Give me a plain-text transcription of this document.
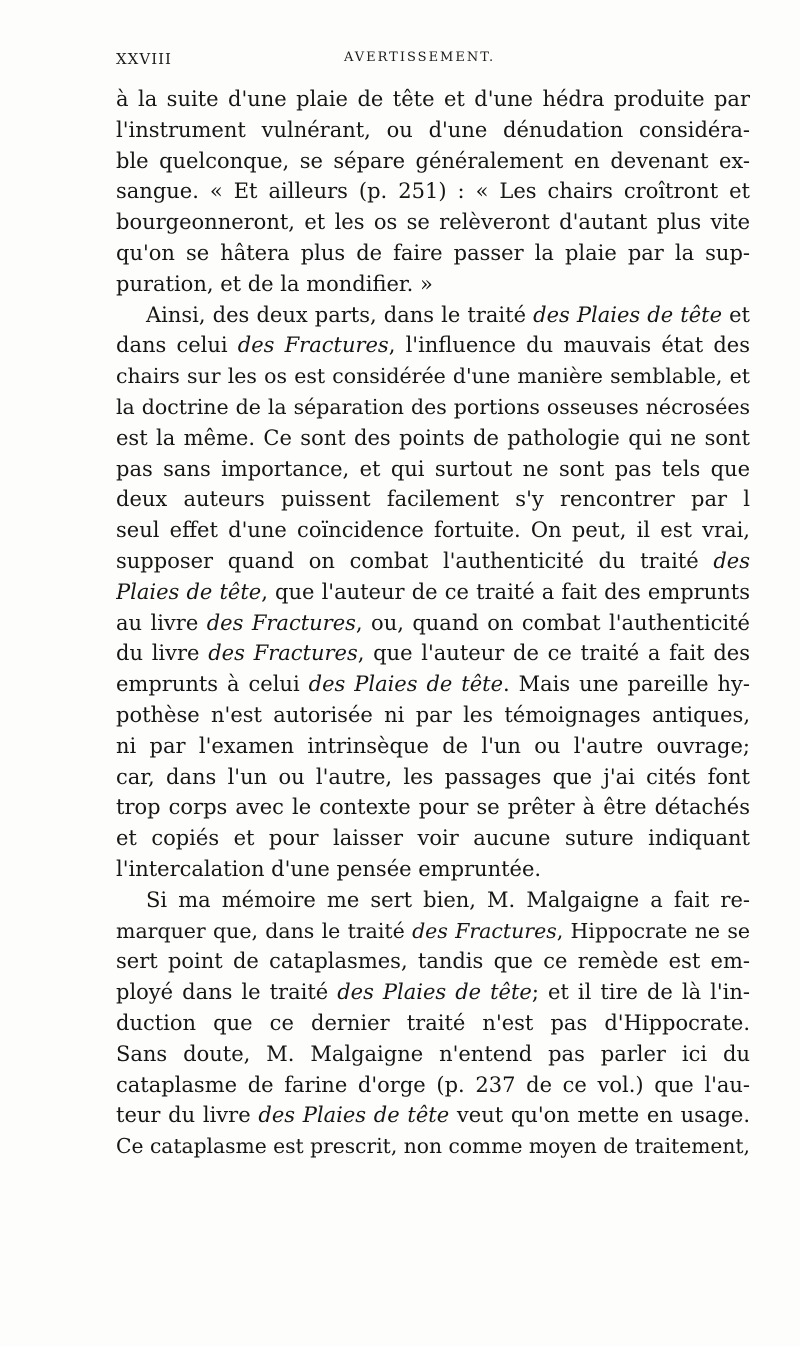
XXVIII	AVERTISSEMENT.
à la suite d'une plaie de tête et d'une hédra produite par
l'instrument vulnérant, ou d'une dénudation considéra-
ble quelconque, se sépare généralement en devenant ex-
sangue. « Et ailleurs (p. 251) : « Les chairs croîtront et
bourgeonneront, et les os se relèveront d'autant plus vite
qu'on se hâtera plus de faire passer la plaie par la sup-
puration, et de la mondifier. »
Ainsi, des deux parts, dans le traité des Plaies de tête et
dans celui des Fractures, l'influence du mauvais état des
chairs sur les os est considérée d'une manière semblable, et
la doctrine de la séparation des portions osseuses nécrosées
est la même. Ce sont des points de pathologie qui ne sont
pas sans importance, et qui surtout ne sont pas tels que
deux auteurs puissent facilement s'y rencontrer par l
seul effet d'une coïncidence fortuite. On peut, il est vrai,
supposer quand on combat l'authenticité du traité des
Plaies de tête, que l'auteur de ce traité a fait des emprunts
au livre des Fractures, ou, quand on combat l'authenticité
du livre des Fractures, que l'auteur de ce traité a fait des
emprunts à celui des Plaies de tête. Mais une pareille hy-
pothèse n'est autorisée ni par les témoignages antiques,
ni par l'examen intrinsèque de l'un ou l'autre ouvrage;
car, dans l'un ou l'autre, les passages que j'ai cités font
trop corps avec le contexte pour se prêter à être détachés
et copiés et pour laisser voir aucune suture indiquant
l'intercalation d'une pensée empruntée.
Si ma mémoire me sert bien, M. Malgaigne a fait re-
marquer que, dans le traité des Fractures, Hippocrate ne se
sert point de cataplasmes, tandis que ce remède est em-
ployé dans le traité des Plaies de tête; et il tire de là l'in-
duction que ce dernier traité n'est pas d'Hippocrate.
Sans doute, M. Malgaigne n'entend pas parler ici du
cataplasme de farine d'orge (p. 237 de ce vol.) que l'au-
teur du livre des Plaies de tête veut qu'on mette en usage.
Ce cataplasme est prescrit, non comme moyen de traitement,
